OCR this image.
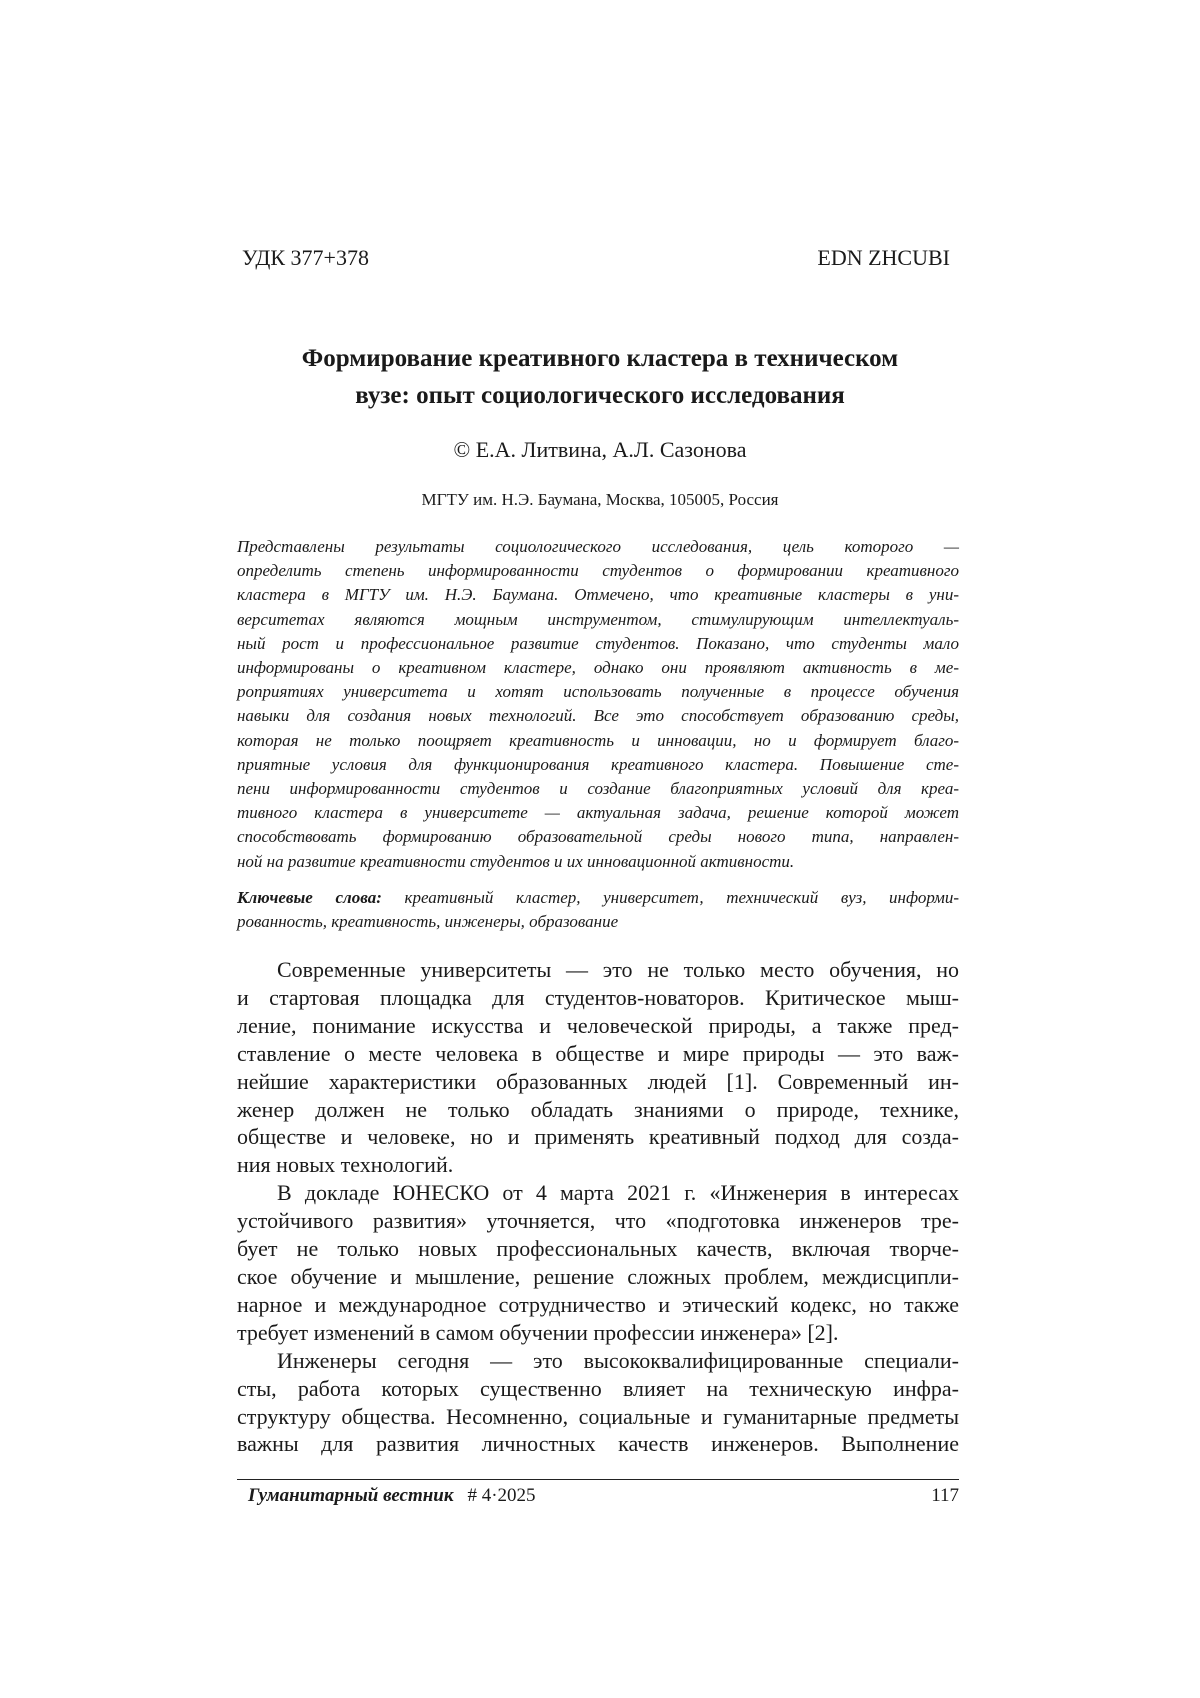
УДК 377+378	EDN ZHCUBI
Формирование креативного кластера в техническом
вузе: опыт социологического исследования
© Е.А. Литвина, А.Л. Сазонова
МГТУ им. Н.Э. Баумана, Москва, 105005, Россия
Представлены результаты социологического исследования, цель которого —
определить степень информированности студентов о формировании креативного
кластера в МГТУ им. Н.Э. Баумана. Отмечено, что креативные кластеры в уни-
верситетах являются мощным инструментом, стимулирующим интеллектуаль-
ный рост и профессиональное развитие студентов. Показано, что студенты мало
информированы о креативном кластере, однако они проявляют активность в ме-
роприятиях университета и хотят использовать полученные в процессе обучения
навыки для создания новых технологий. Все это способствует образованию среды,
которая не только поощряет креативность и инновации, но и формирует благо-
приятные условия для функционирования креативного кластера. Повышение сте-
пени информированности студентов и создание благоприятных условий для креа-
тивного кластера в университете — актуальная задача, решение которой может
способствовать формированию образовательной среды нового типа, направлен-
ной на развитие креативности студентов и их инновационной активности.
Ключевые слова: креативный кластер, университет, технический вуз, информи-
рованность, креативность, инженеры, образование
Современные университеты — это не только место обучения, но
и стартовая площадка для студентов-новаторов. Критическое мыш-
ление, понимание искусства и человеческой природы, а также пред-
ставление о месте человека в обществе и мире природы — это важ-
нейшие характеристики образованных людей [1]. Современный ин-
женер должен не только обладать знаниями о природе, технике,
обществе и человеке, но и применять креативный подход для созда-
ния новых технологий.
В докладе ЮНЕСКО от 4 марта 2021 г. «Инженерия в интересах
устойчивого развития» уточняется, что «подготовка инженеров тре-
бует не только новых профессиональных качеств, включая творче-
ское обучение и мышление, решение сложных проблем, междисципли-
нарное и международное сотрудничество и этический кодекс, но также
требует изменений в самом обучении профессии инженера» [2].
Инженеры сегодня — это высококвалифицированные специали-
сты, работа которых существенно влияет на техническую инфра-
структуру общества. Несомненно, социальные и гуманитарные предметы
важны для развития личностных качеств инженеров. Выполнение
Гуманитарный вестник # 4·2025	117
